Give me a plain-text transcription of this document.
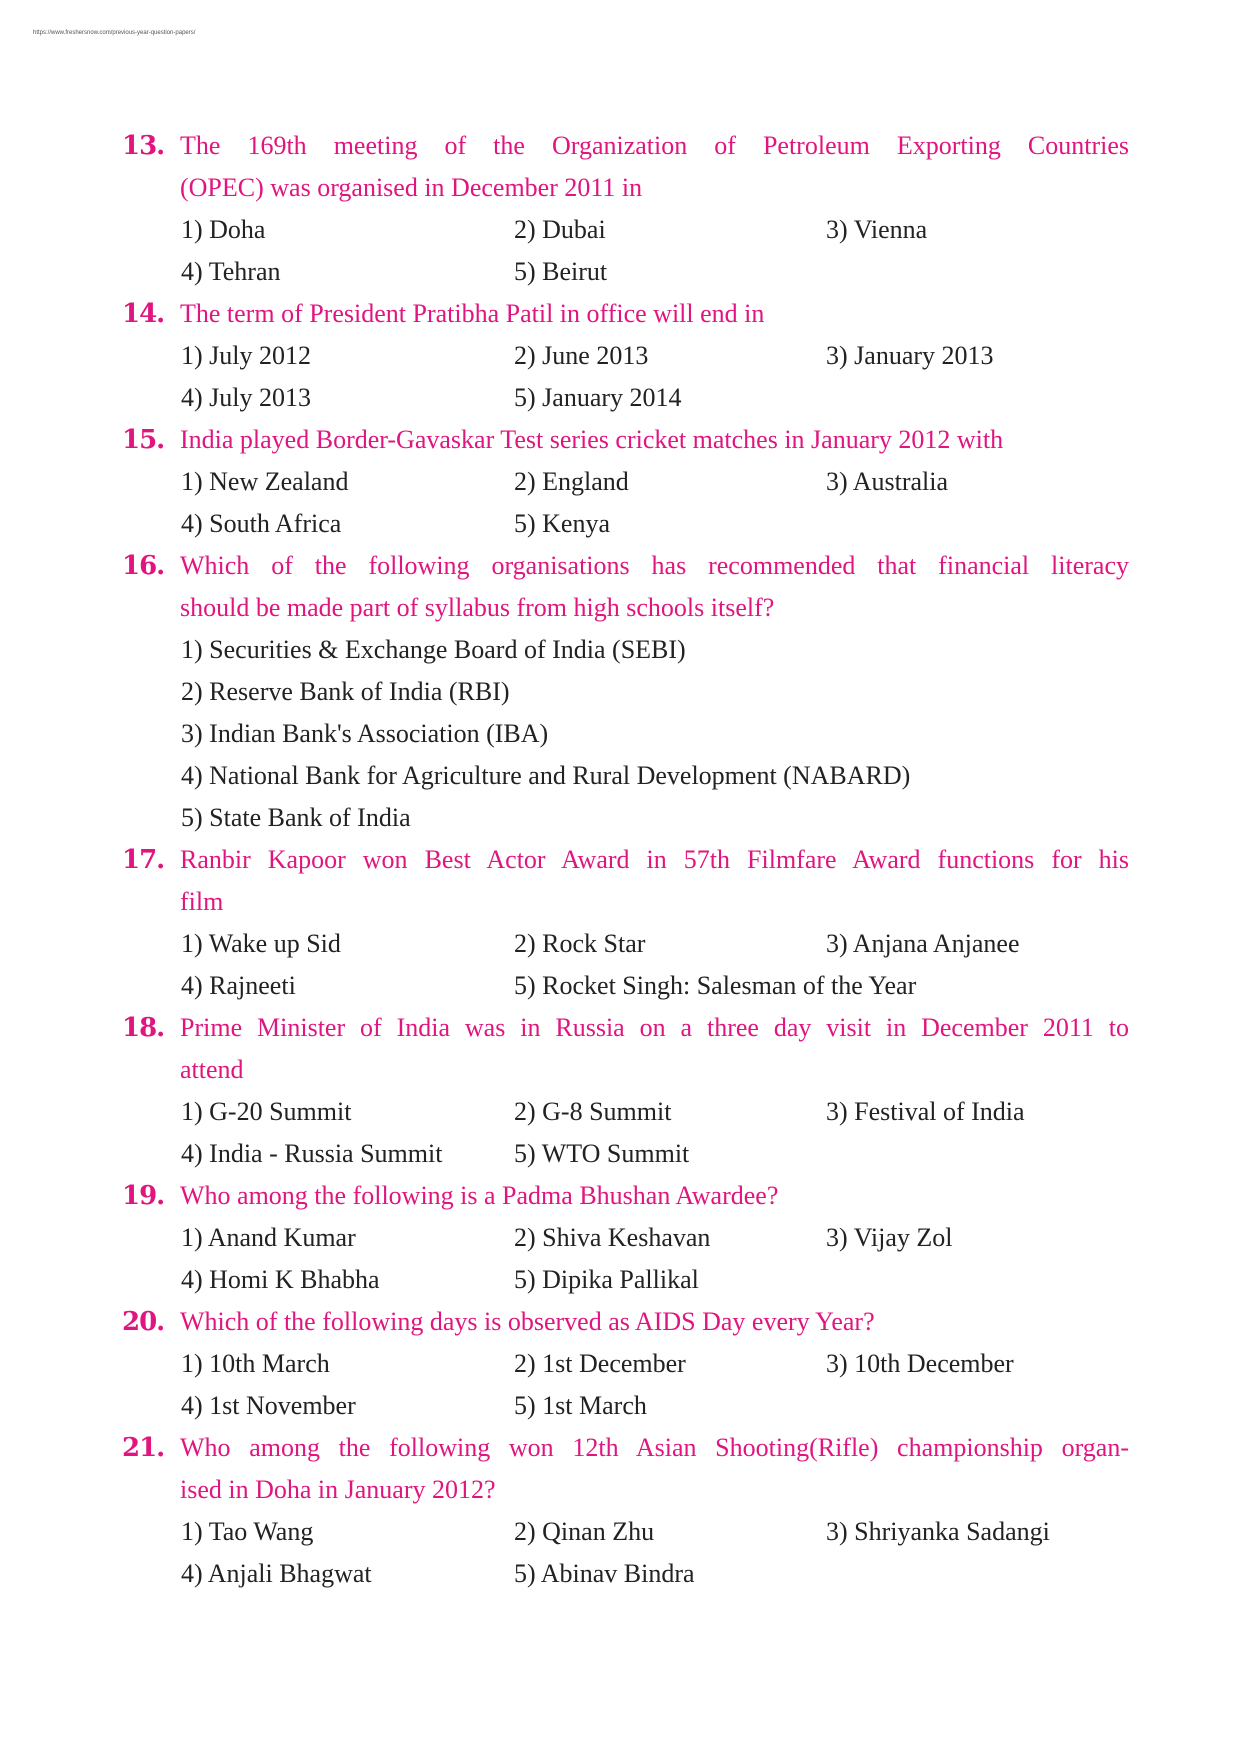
https://www.freshersnow.com/previous-year-question-papers/
13. The 169th meeting of the Organization of Petroleum Exporting Countries
(OPEC) was organised in December 2011 in
1) Doha	2) Dubai	3) Vienna
4) Tehran	5) Beirut
14. The term of President Pratibha Patil in office will end in
1) July 2012	2) June 2013	3) January 2013
4) July 2013	5) January 2014
15. India played Border-Gavaskar Test series cricket matches in January 2012 with
1) New Zealand	2) England	3) Australia
4) South Africa	5) Kenya
16. Which of the following organisations has recommended that financial literacy
should be made part of syllabus from high schools itself?
1) Securities & Exchange Board of India (SEBI)
2) Reserve Bank of India (RBI)
3) Indian Bank's Association (IBA)
4) National Bank for Agriculture and Rural Development (NABARD)
5) State Bank of India
17. Ranbir Kapoor won Best Actor Award in 57th Filmfare Award functions for his
film
1) Wake up Sid	2) Rock Star	3) Anjana Anjanee
4) Rajneeti	5) Rocket Singh: Salesman of the Year
18. Prime Minister of India was in Russia on a three day visit in December 2011 to
attend
1) G-20 Summit	2) G-8 Summit	3) Festival of India
4) India - Russia Summit	5) WTO Summit
19. Who among the following is a Padma Bhushan Awardee?
1) Anand Kumar	2) Shiva Keshavan	3) Vijay Zol
4) Homi K Bhabha	5) Dipika Pallikal
20. Which of the following days is observed as AIDS Day every Year?
1) 10th March	2) 1st December	3) 10th December
4) 1st November	5) 1st March
21. Who among the following won 12th Asian Shooting(Rifle) championship organ-
ised in Doha in January 2012?
1) Tao Wang	2) Qinan Zhu	3) Shriyanka Sadangi
4) Anjali Bhagwat	5) Abinav Bindra
